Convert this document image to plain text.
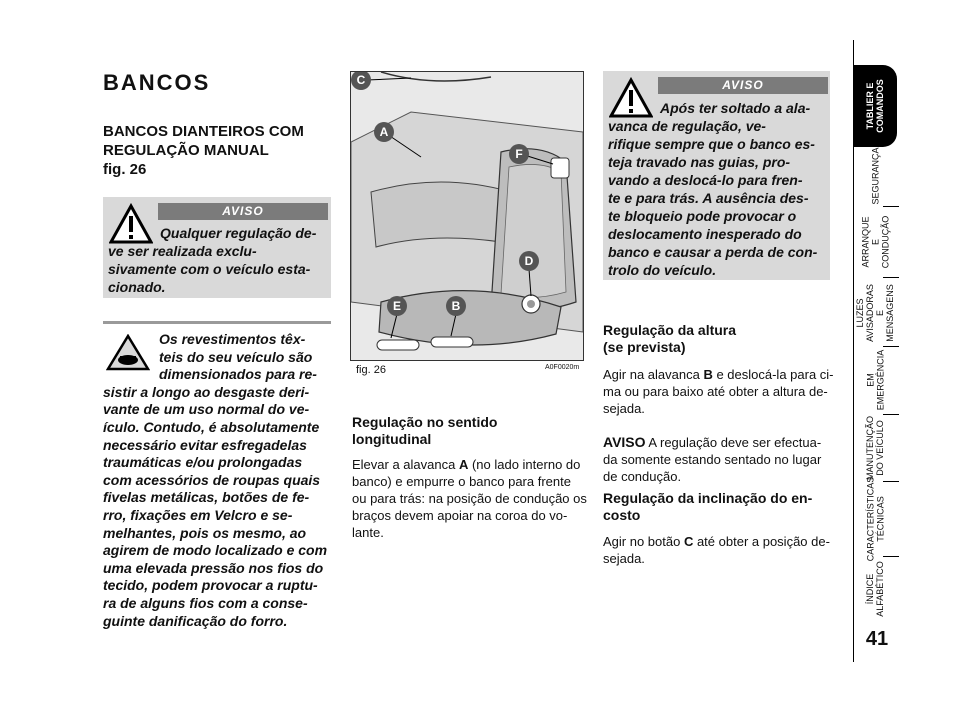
BANCOS
BANCOS DIANTEIROS COM
REGULAÇÃO MANUAL
fig. 26
AVISO
Qualquer regulação de-
ve ser realizada exclu-
sivamente com o veículo esta-
cionado.
Os revestimentos têx-
teis do seu veículo são
dimensionados para re-
sistir a longo ao desgaste deri-
vante de um uso normal do ve-
ículo. Contudo, é absolutamente
necessário evitar esfregadelas
traumáticas e/ou prolongadas
com acessórios de roupas quais
fivelas metálicas, botões de fe-
rro, fixações em Velcro e se-
melhantes, pois os mesmo, ao
agirem de modo localizado e com
uma elevada pressão nos fios do
tecido, podem provocar a ruptu-
ra de alguns fios com a conse-
guinte danificação do forro.
C
A
F
D
E	B
fig. 26	A0F0020m
Regulação no sentido
longitudinal
Elevar a alavanca A (no lado interno do
banco) e empurre o banco para frente
ou para trás: na posição de condução os
braços devem apoiar na coroa do vo-
lante.
AVISO
Após ter soltado a ala-
vanca de regulação, ve-
rifique sempre que o banco es-
teja travado nas guias, pro-
vando a deslocá-lo para fren-
te e para trás. A ausência des-
te bloqueio pode provocar o
deslocamento inesperado do
banco e causar a perda de con-
trolo do veículo.
Regulação da altura
(se prevista)
Agir na alavanca B e deslocá-la para ci-
ma ou para baixo até obter a altura de-
sejada.
AVISO A regulação deve ser efectua-
da somente estando sentado no lugar
de condução.
Regulação da inclinação do en-
costo
Agir no botão C até obter a posição de-
sejada.
TABLIER E
COMANDOS
SEGURANÇA
ARRANQUE
E CONDUÇÃO
LUZES
AVISADORAS
E MENSAGENS
EM EMERGÊNCIA
MANUTENÇÃO
DO VEÍCULO
CARACTERÍSTICAS
TÉCNICAS
ÍNDICE
ALFABÉTICO
41
